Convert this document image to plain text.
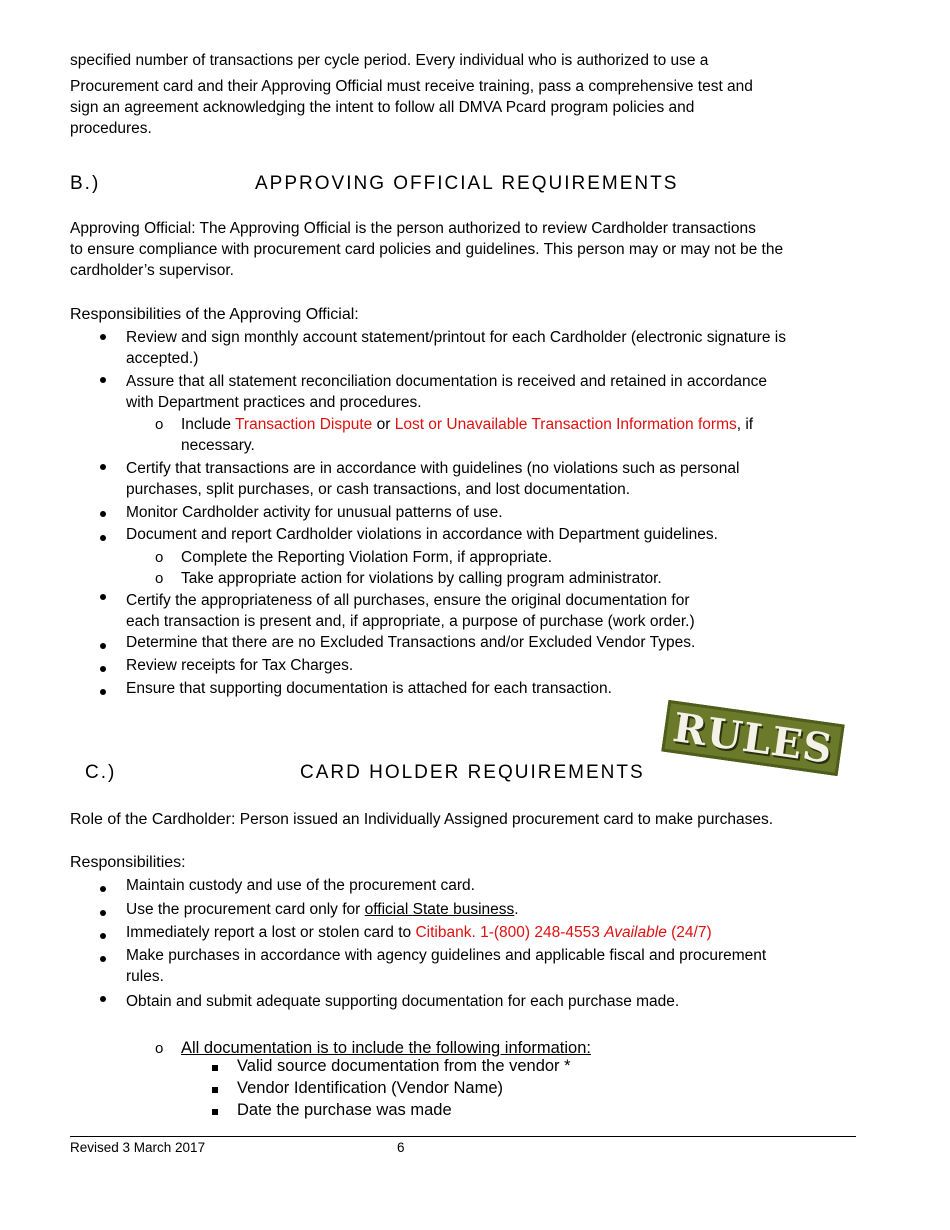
specified number of transactions per cycle period. Every individual who is authorized to use a
Procurement card and their Approving Official must receive training, pass a comprehensive test and
sign an agreement acknowledging the intent to follow all DMVA Pcard program policies and
procedures.
B.)	APPROVING OFFICIAL REQUIREMENTS
Approving Official: The Approving Official is the person authorized to review Cardholder transactions
to ensure compliance with procurement card policies and guidelines. This person may or may not be the
cardholder’s supervisor.
Responsibilities of the Approving Official:
Review and sign monthly account statement/printout for each Cardholder (electronic signature is
accepted.)
Assure that all statement reconciliation documentation is received and retained in accordance
with Department practices and procedures.
o Include Transaction Dispute or Lost or Unavailable Transaction Information forms, if
necessary.
Certify that transactions are in accordance with guidelines (no violations such as personal
purchases, split purchases, or cash transactions, and lost documentation.
Monitor Cardholder activity for unusual patterns of use.
Document and report Cardholder violations in accordance with Department guidelines.
o Complete the Reporting Violation Form, if appropriate.
o Take appropriate action for violations by calling program administrator.
Certify the appropriateness of all purchases, ensure the original documentation for
each transaction is present and, if appropriate, a purpose of purchase (work order.)
Determine that there are no Excluded Transactions and/or Excluded Vendor Types.
Review receipts for Tax Charges.
Ensure that supporting documentation is attached for each transaction.
RULES
C.)	CARD HOLDER REQUIREMENTS
Role of the Cardholder: Person issued an Individually Assigned procurement card to make purchases.
Responsibilities:
Maintain custody and use of the procurement card.
Use the procurement card only for official State business.
Immediately report a lost or stolen card to Citibank. 1-(800) 248-4553 Available (24/7)
Make purchases in accordance with agency guidelines and applicable fiscal and procurement
rules.
Obtain and submit adequate supporting documentation for each purchase made.
o All documentation is to include the following information:
Valid source documentation from the vendor *
Vendor Identification (Vendor Name)
Date the purchase was made
Revised 3 March 2017	6
